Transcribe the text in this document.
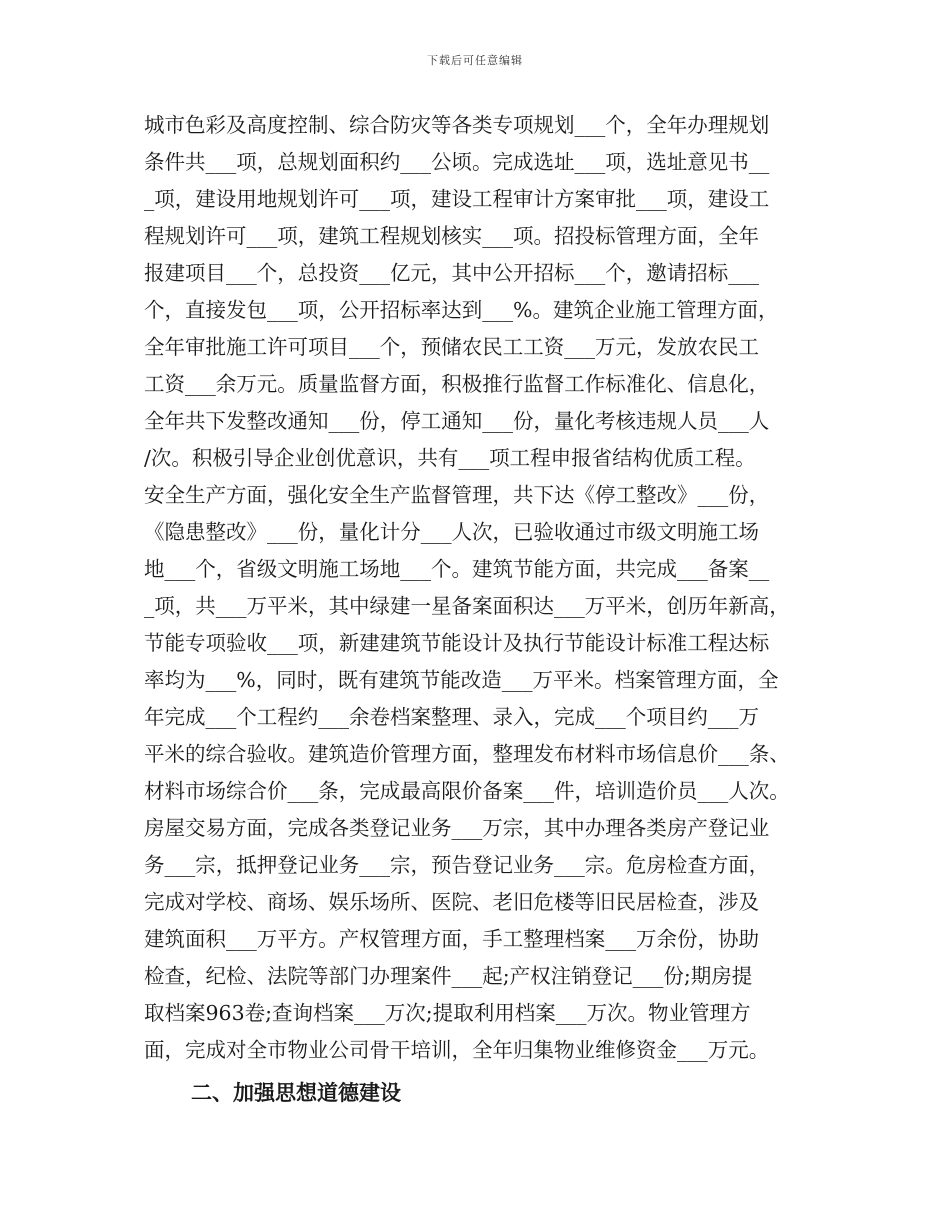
下载后可任意编辑
城市色彩及高度控制、综合防灾等各类专项规划___个，全年办理规划
条件共___项，总规划面积约___公顷。完成选址___项，选址意见书__
_项，建设用地规划许可___项，建设工程审计方案审批___项，建设工
程规划许可___项，建筑工程规划核实___项。招投标管理方面，全年
报建项目___个，总投资___亿元，其中公开招标___个，邀请招标___
个，直接发包___项，公开招标率达到___%。建筑企业施工管理方面，
全年审批施工许可项目___个，预储农民工工资___万元，发放农民工
工资___余万元。质量监督方面，积极推行监督工作标准化、信息化，
全年共下发整改通知___份，停工通知___份，量化考核违规人员___人
/次。积极引导企业创优意识，共有___项工程申报省结构优质工程。
安全生产方面，强化安全生产监督管理，共下达《停工整改》___份，
《隐患整改》___份，量化计分___人次，已验收通过市级文明施工场
地___个，省级文明施工场地___个。建筑节能方面，共完成___备案__
_项，共___万平米，其中绿建一星备案面积达___万平米，创历年新高，
节能专项验收___项，新建建筑节能设计及执行节能设计标准工程达标
率均为___%，同时，既有建筑节能改造___万平米。档案管理方面，全
年完成___个工程约___余卷档案整理、录入，完成___个项目约___万
平米的综合验收。建筑造价管理方面，整理发布材料市场信息价___条、
材料市场综合价___条，完成最高限价备案___件，培训造价员___人次。
房屋交易方面，完成各类登记业务___万宗，其中办理各类房产登记业
务___宗，抵押登记业务___宗，预告登记业务___宗。危房检查方面，
完成对学校、商场、娱乐场所、医院、老旧危楼等旧民居检查，涉及
建筑面积___万平方。产权管理方面，手工整理档案___万余份，协助
检查，纪检、法院等部门办理案件___起;产权注销登记___份;期房提
取档案963卷;查询档案___万次;提取利用档案___万次。物业管理方
面，完成对全市物业公司骨干培训，全年归集物业维修资金___万元。
二、加强思想道德建设
